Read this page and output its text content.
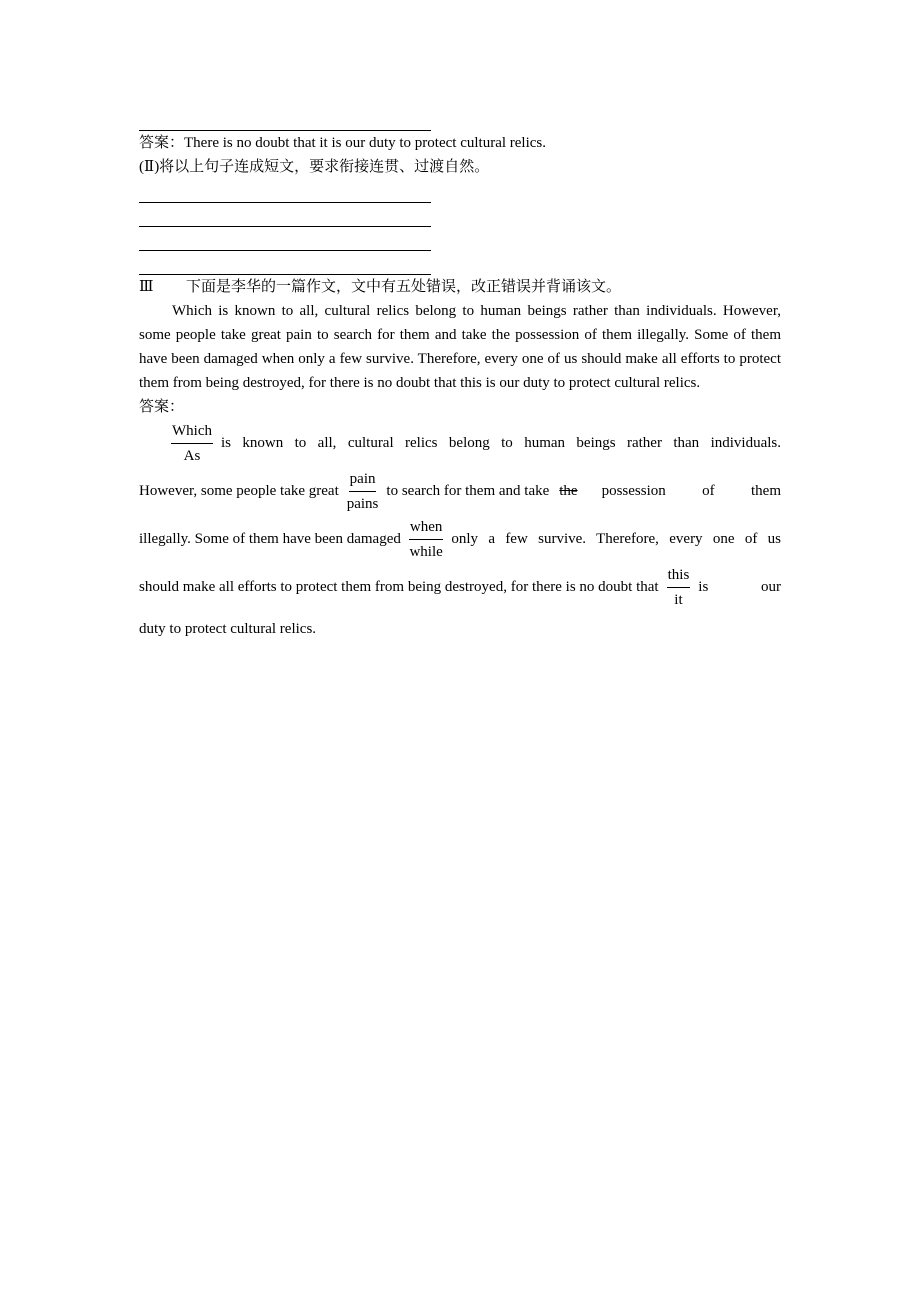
答案：There is no doubt that it is our duty to protect cultural relics.
(Ⅱ)将以上句子连成短文，要求衔接连贯、过渡自然。
Ⅲ 下面是李华的一篇作文，文中有五处错误，改正错误并背诵该文。
Which is known to all, cultural relics belong to human beings rather than individuals. However, some people take great pain to search for them and take the possession of them illegally. Some of them have been damaged when only a few survive. Therefore, every one of us should make all efforts to protect them from being destroyed, for there is no doubt that this is our duty to protect cultural relics.
答案：
Which
As
is known to all, cultural relics belong to human beings rather than individuals.
However, some people take great
pain
pains
to search for them and take the possession of them
illegally. Some of them have been damaged
when
while
only a few survive. Therefore, every one of us
should make all efforts to protect them from being destroyed, for there is no doubt that
this
it
is our
duty to protect cultural relics.
